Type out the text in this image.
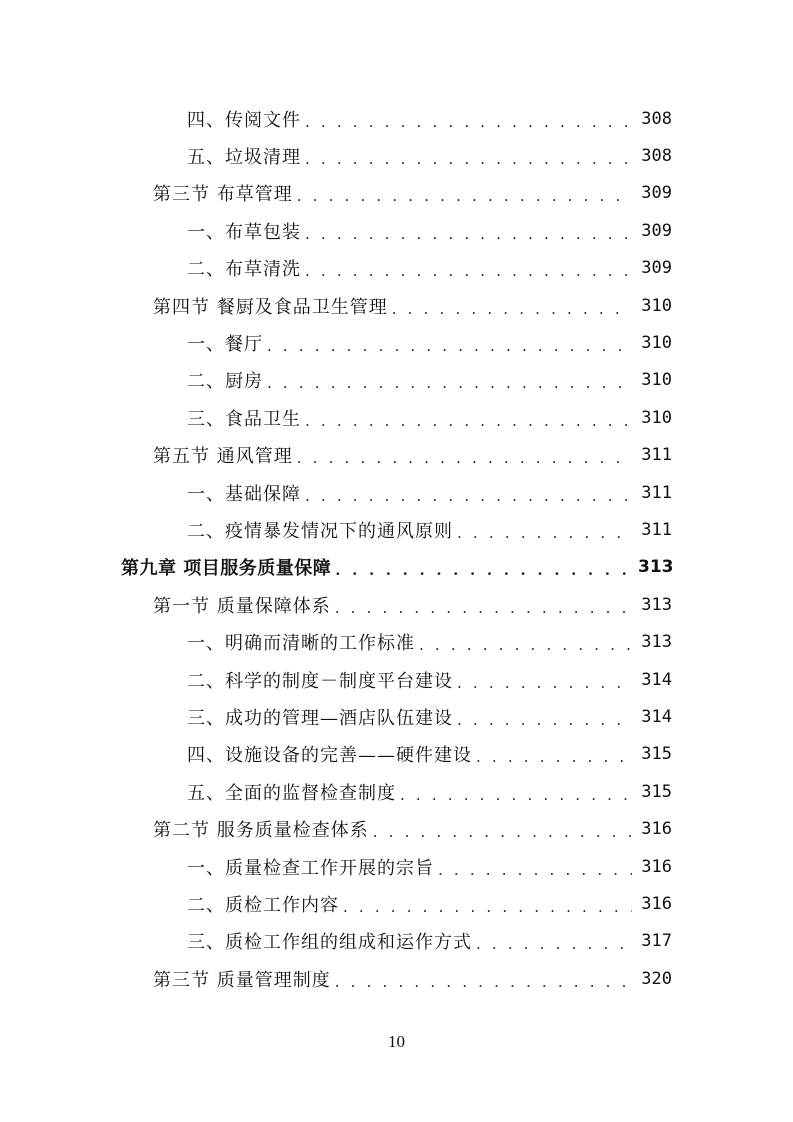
四、传阅文件 . . .	308
五、垃圾清理 . . .	308
第三节 布草管理 . . .	309
一、布草包装 . . .	309
二、布草清洗 . . .	309
第四节 餐厨及食品卫生管理 . . .	310
一、餐厅 . . .	310
二、厨房 . . .	310
三、食品卫生 . . .	310
第五节 通风管理 . . .	311
一、基础保障 . . .	311
二、疫情暴发情况下的通风原则 . . .	311
第九章 项目服务质量保障 . . .	313
第一节 质量保障体系 . . .	313
一、明确而清晰的工作标准 . . .	313
二、科学的制度－制度平台建设 . . .	314
三、成功的管理—酒店队伍建设 . . .	314
四、设施设备的完善——硬件建设 . . .	315
五、全面的监督检查制度 . . .	315
第二节 服务质量检查体系 . . .	316
一、质量检查工作开展的宗旨 . . .	316
二、质检工作内容 . . .	316
三、质检工作组的组成和运作方式 . . .	317
第三节 质量管理制度 . . .	320
10
